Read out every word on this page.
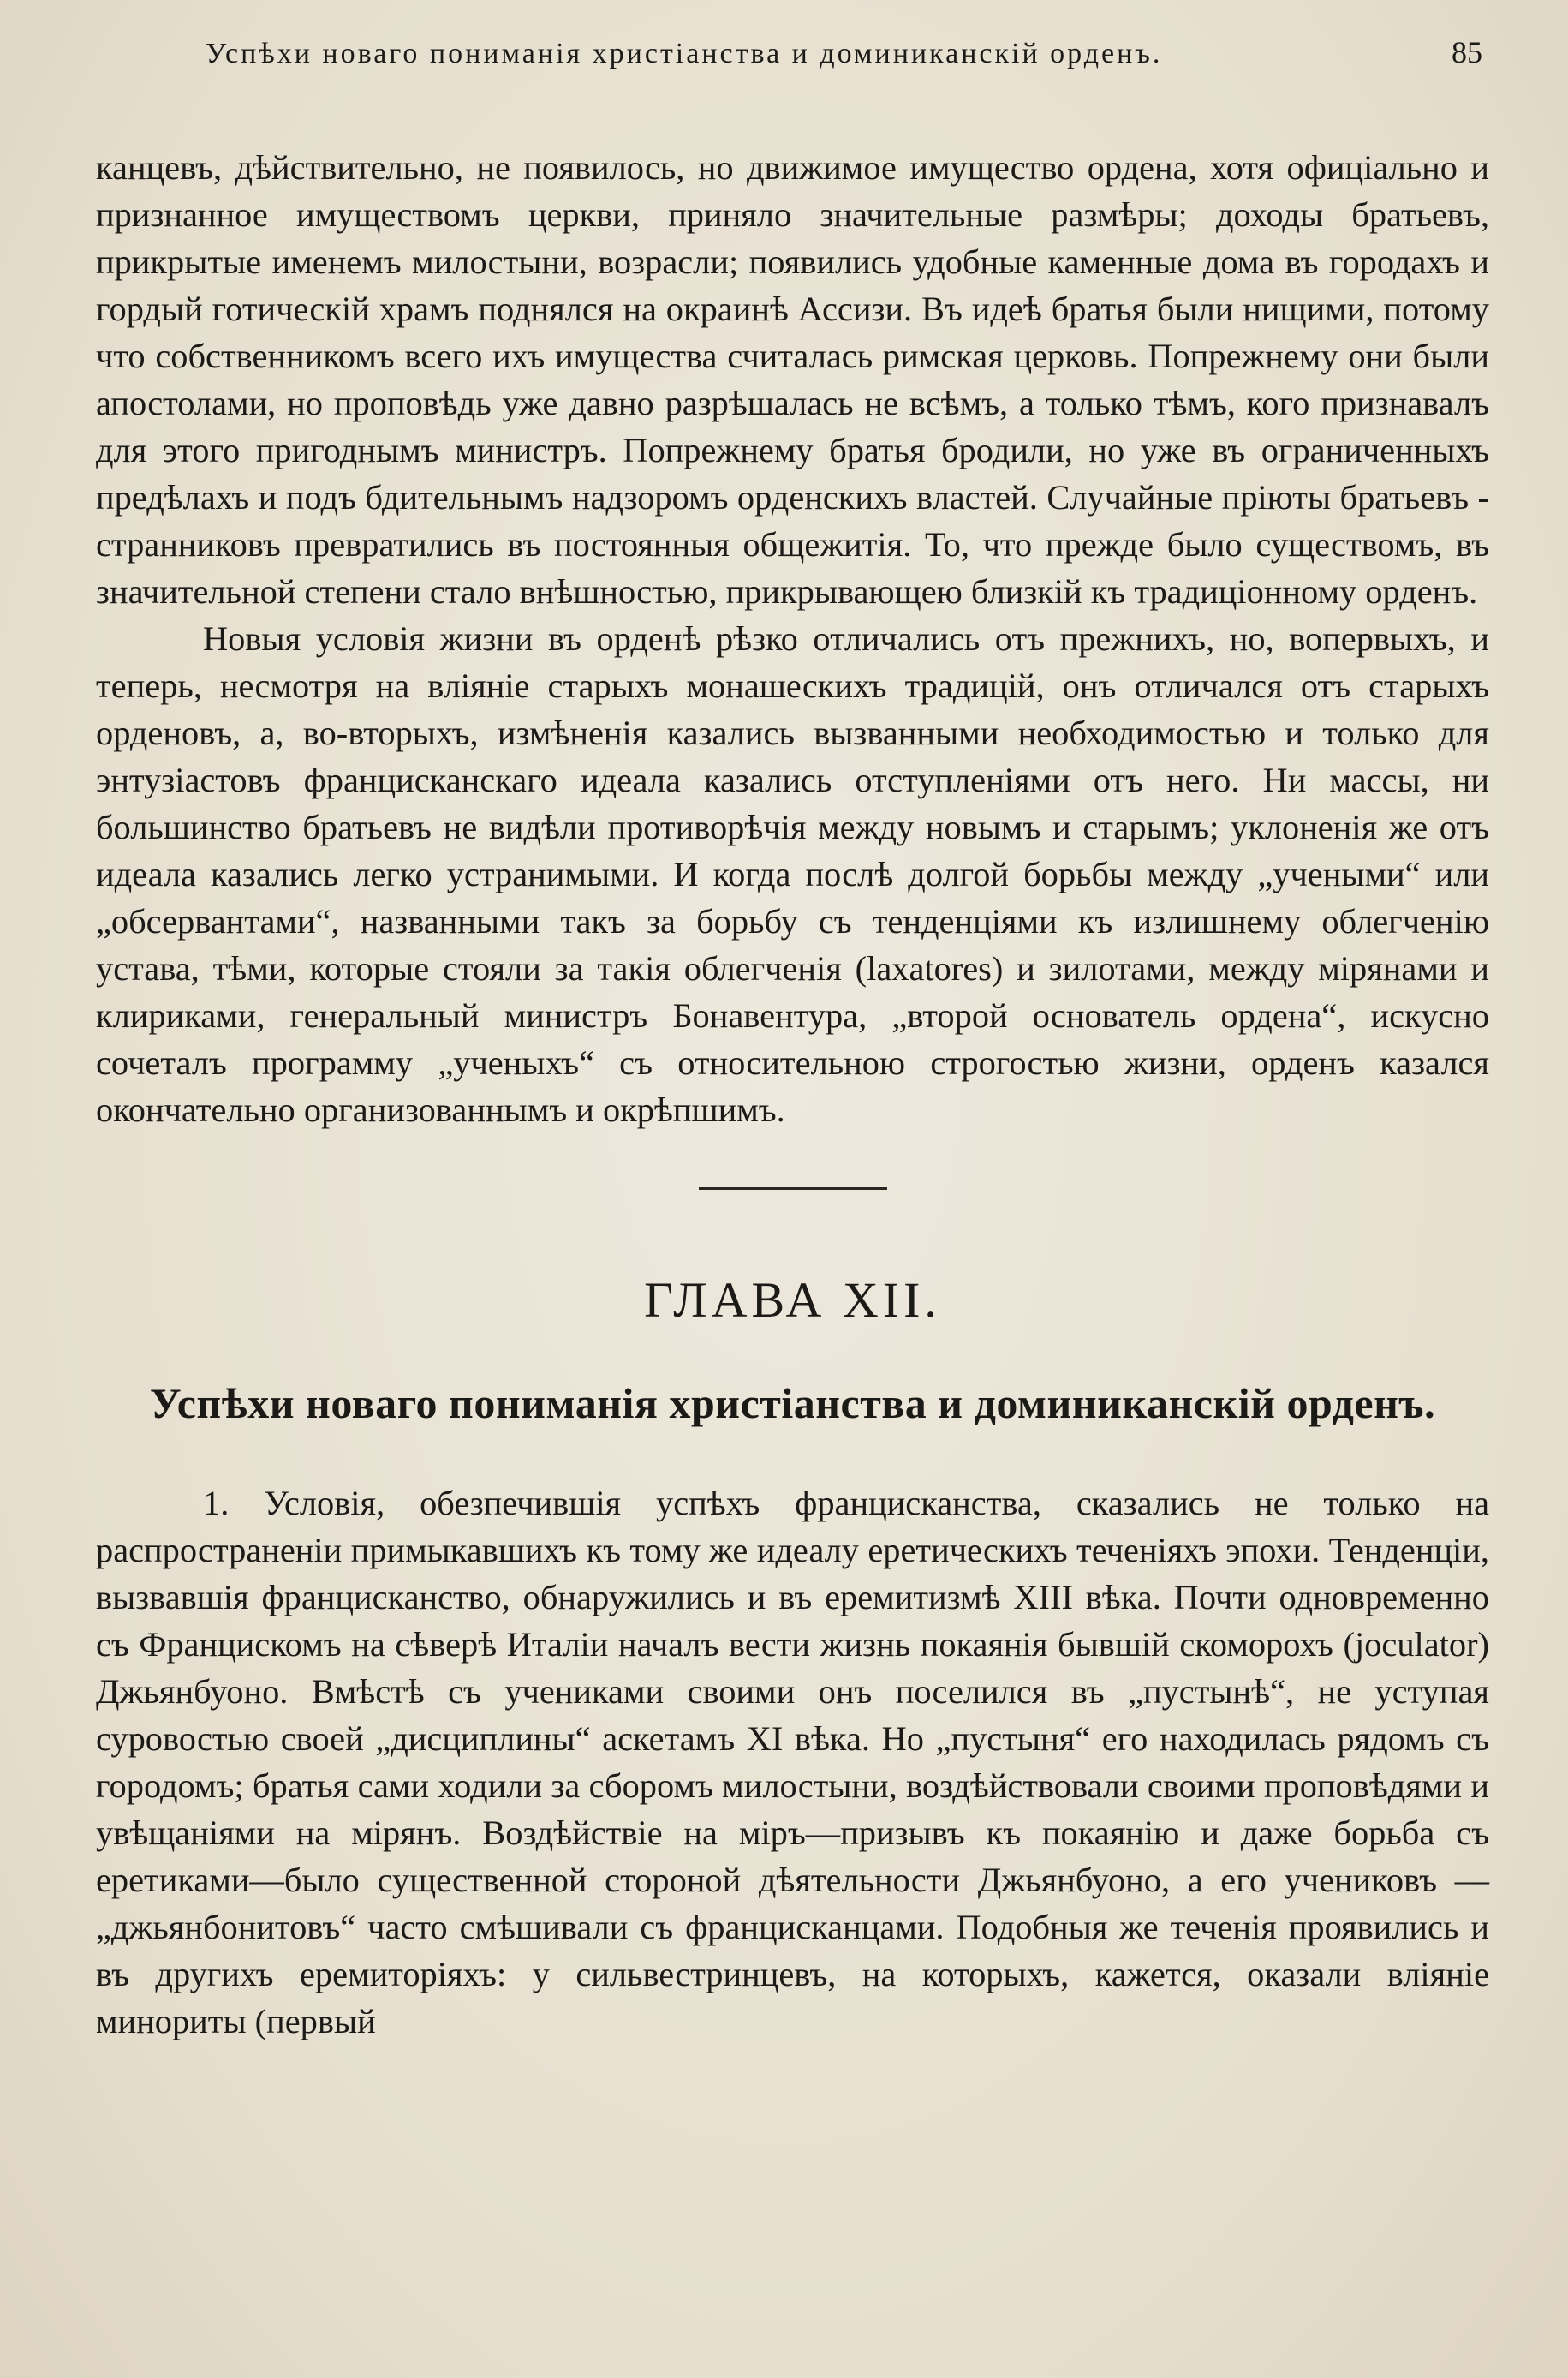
Успѣхи новаго пониманія христіанства и доминиканскій орденъ.	85

канцевъ, дѣйствительно, не появилось, но движимое имущество ордена, хотя офиціально и признанное имуществомъ церкви, приняло значительные размѣры; доходы братьевъ, прикрытые именемъ милостыни, возрасли; появились удобные каменные дома въ городахъ и гордый готическій храмъ поднялся на окраинѣ Ассизи. Въ идеѣ братья были нищими, потому что собственникомъ всего ихъ имущества считалась римская церковь. Попрежнему они были апостолами, но проповѣдь уже давно разрѣшалась не всѣмъ, а только тѣмъ, кого признавалъ для этого пригоднымъ министръ. Попрежнему братья бродили, но уже въ ограниченныхъ предѣлахъ и подъ бдительнымъ надзоромъ орденскихъ властей. Случайные пріюты братьевъ - странниковъ превратились въ постоянныя общежитія. То, что прежде было существомъ, въ значительной степени стало внѣшностью, прикрывающею близкій къ традиціонному орденъ.

Новыя условія жизни въ орденѣ рѣзко отличались отъ прежнихъ, но, вопервыхъ, и теперь, несмотря на вліяніе старыхъ монашескихъ традицій, онъ отличался отъ старыхъ орденовъ, а, во-вторыхъ, измѣненія казались вызванными необходимостью и только для энтузіастовъ францисканскаго идеала казались отступленіями отъ него. Ни массы, ни большинство братьевъ не видѣли противорѣчія между новымъ и старымъ; уклоненія же отъ идеала казались легко устранимыми. И когда послѣ долгой борьбы между „учеными“ или „обсервантами“, названными такъ за борьбу съ тенденціями къ излишнему облегченію устава, тѣми, которые стояли за такія облегченія (laxatores) и зилотами, между мірянами и клириками, генеральный министръ Бонавентура, „второй основатель ордена“, искусно сочеталъ программу „ученыхъ“ съ относительною строгостью жизни, орденъ казался окончательно организованнымъ и окрѣпшимъ.

ГЛАВА XII.
Успѣхи новаго пониманія христіанства и доминиканскій орденъ.

1. Условія, обезпечившія успѣхъ францисканства, сказались не только на распространеніи примыкавшихъ къ тому же идеалу еретическихъ теченіяхъ эпохи. Тенденціи, вызвавшія францисканство, обнаружились и въ еремитизмѣ XIII вѣка. Почти одновременно съ Францискомъ на сѣверѣ Италіи началъ вести жизнь покаянія бывшій скоморохъ (joculator) Джьянбуоно. Вмѣстѣ съ учениками своими онъ поселился въ „пустынѣ“, не уступая суровостью своей „дисциплины“ аскетамъ XI вѣка. Но „пустыня“ его находилась рядомъ съ городомъ; братья сами ходили за сборомъ милостыни, воздѣйствовали своими проповѣдями и увѣщаніями на мірянъ. Воздѣйствіе на міръ—призывъ къ покаянію и даже борьба съ еретиками—было существенной стороной дѣятельности Джьянбуоно, а его учениковъ — „джьянбонитовъ“ часто смѣшивали съ францисканцами. Подобныя же теченія проявились и въ другихъ еремиторіяхъ: у сильвестринцевъ, на которыхъ, кажется, оказали вліяніе минориты (первый
